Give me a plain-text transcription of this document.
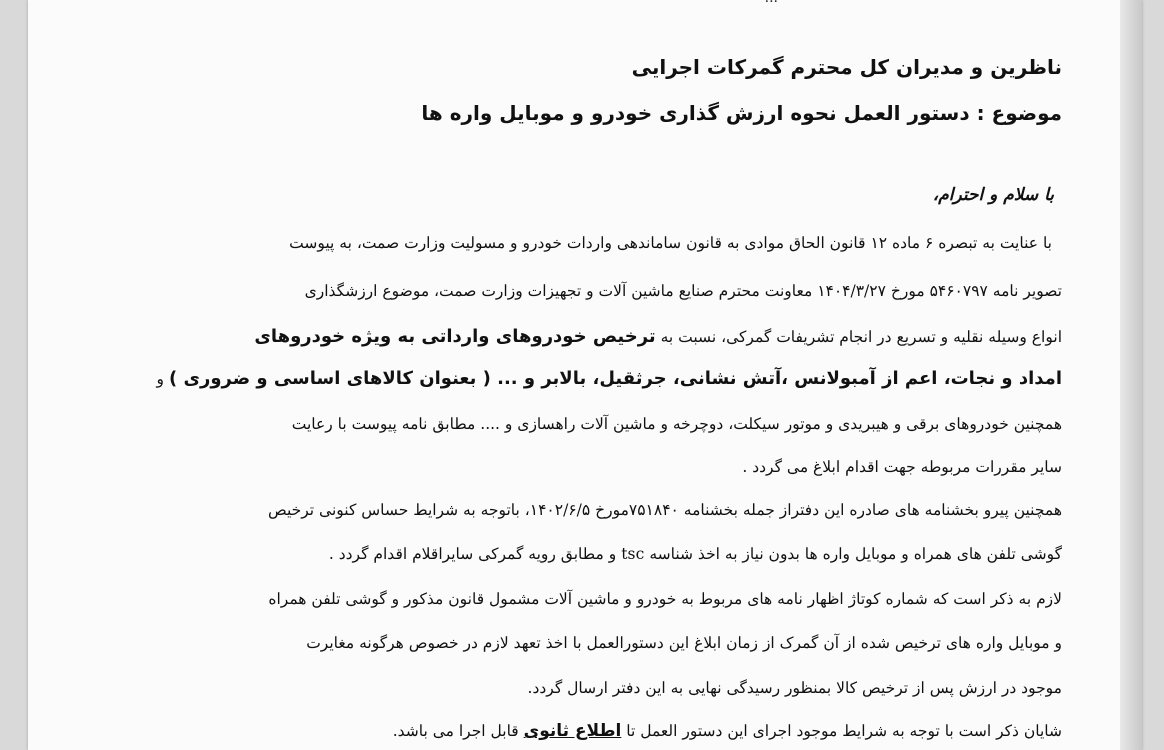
ناظرین و مدیران کل محترم گمرکات اجرایی
موضوع : دستور العمل نحوه ارزش گذاری خودرو و موبایل واره ها
با سلام و احترام،
با عنایت به تبصره ۶ ماده ۱۲ قانون الحاق موادی به قانون ساماندهی واردات خودرو و مسولیت وزارت صمت، به پیوست
تصویر نامه ۵۴۶۰۷۹۷ مورخ ۱۴۰۴/۳/۲۷ معاونت محترم صنایع ماشین آلات و تجهیزات وزارت صمت، موضوع ارزشگذاری
انواع وسیله نقلیه و تسریع در انجام تشریفات گمرکی، نسبت به ترخیص خودروهای وارداتی به ویژه خودروهای
امداد و نجات، اعم از آمبولانس ،آتش نشانی، جرثقیل، بالابر و ... ( بعنوان کالاهای اساسی و ضروری ) و
همچنین خودروهای برقی و هیبریدی و موتور سیکلت، دوچرخه و ماشین آلات راهسازی و .... مطابق نامه پیوست با رعایت
سایر مقررات مربوطه جهت اقدام ابلاغ می گردد .
همچنین پیرو بخشنامه های صادره این دفتراز جمله بخشنامه ۷۵۱۸۴۰مورخ ۱۴۰۲/۶/۵، باتوجه به شرایط حساس کنونی ترخیص
گوشی تلفن های همراه و موبایل واره ها بدون نیاز به اخذ شناسه tsc و مطابق رویه گمرکی سایراقلام اقدام گردد .
لازم به ذکر است که شماره کوتاژ اظهار نامه های مربوط به خودرو و ماشین آلات مشمول قانون مذکور و گوشی تلفن همراه
و موبایل واره های ترخیص شده از آن گمرک از زمان ابلاغ این دستورالعمل با اخذ تعهد لازم در خصوص هرگونه مغایرت
موجود در ارزش پس از ترخیص کالا بمنظور رسیدگی نهایی به این دفتر ارسال گردد.
شایان ذکر است با توجه به شرایط موجود اجرای این دستور العمل تا اطلاع ثانوی قابل اجرا می باشد.
